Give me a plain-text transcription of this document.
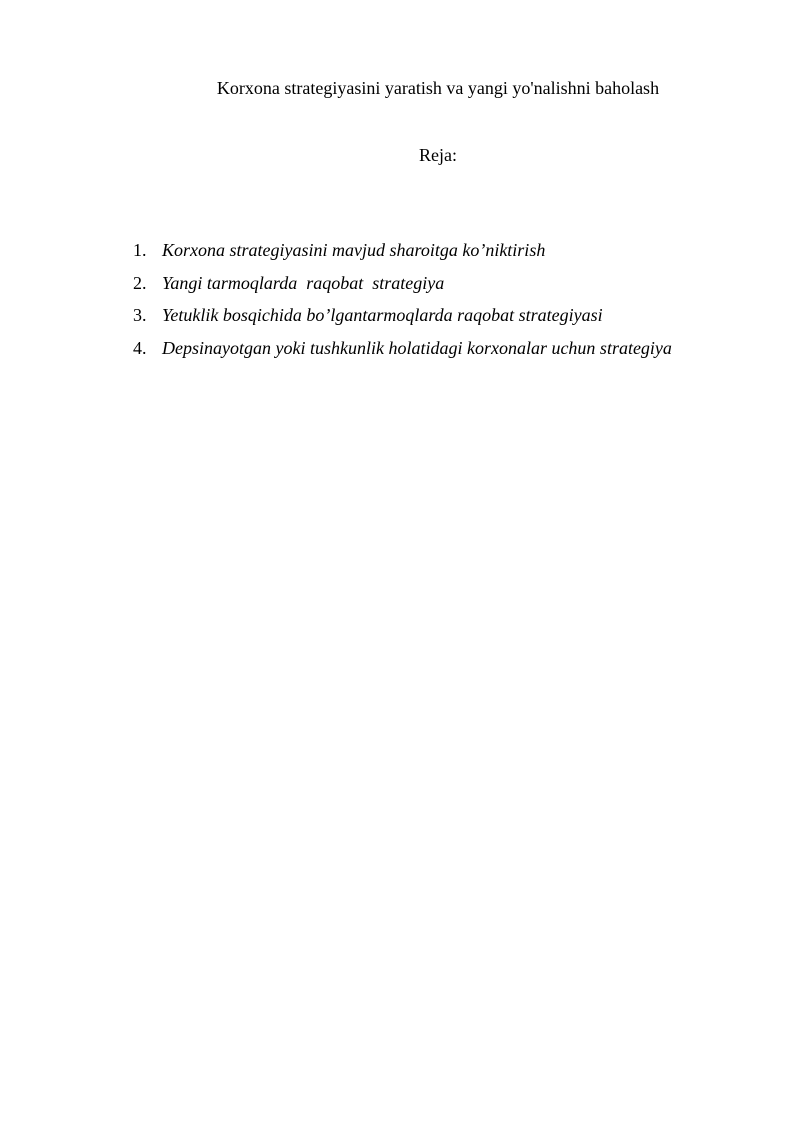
Korxona strategiyasini yaratish va yangi yo'nalishni baholash
Reja:
1. Korxona strategiyasini mavjud sharoitga ko’niktirish
2. Yangi tarmoqlarda  raqobat  strategiya
3. Yetuklik bosqichida bo’lgantarmoqlarda raqobat strategiyasi
4. Depsinayotgan yoki tushkunlik holatidagi korxonalar uchun strategiya
